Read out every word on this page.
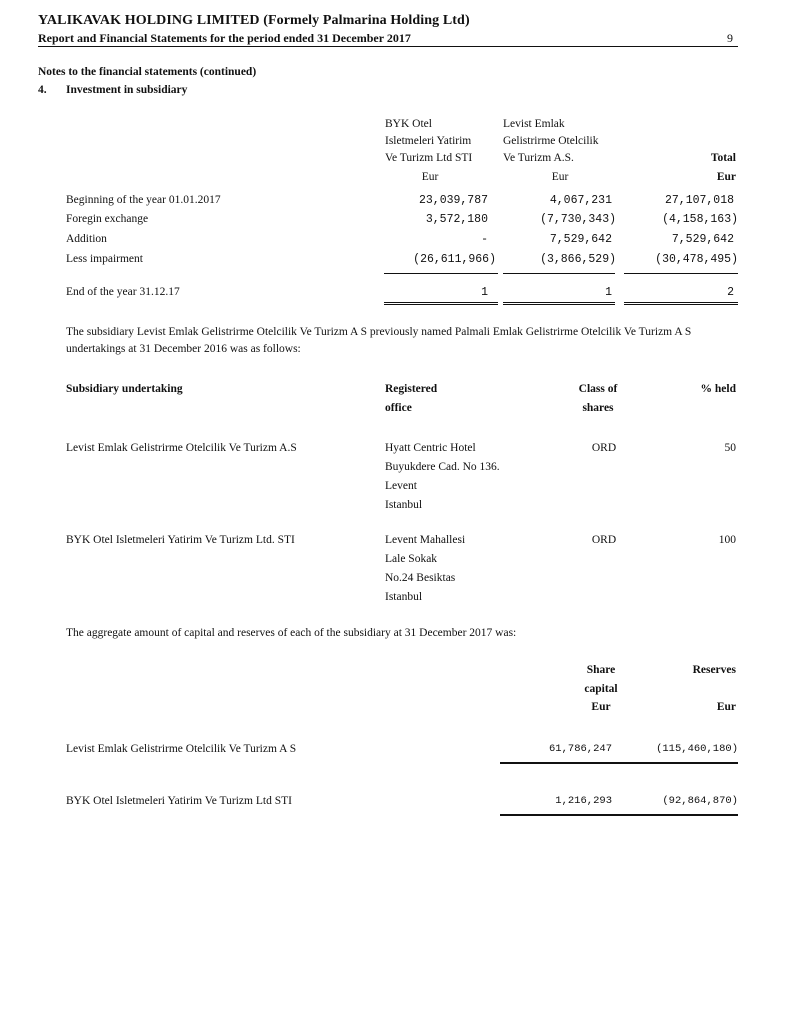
YALIKAVAK HOLDING LIMITED (Formely Palmarina Holding Ltd)
Report and Financial Statements for the period ended 31 December 2017	9
Notes to the financial statements (continued)
4. Investment in subsidiary
BYK Otel
Isletmeleri Yatirim
Ve Turizm Ltd STI
Levist Emlak
Gelistrirme Otelcilik
Ve Turizm A.S.	Total
Eur	Eur	Eur
Beginning of the year 01.01.2017	23,039,787	4,067,231	27,107,018
Foregin exchange	3,572,180	(7,730,343)	(4,158,163)
Addition	-	7,529,642	7,529,642
Less impairment	(26,611,966)	(3,866,529)	(30,478,495)
End of the year 31.12.17	1	1	2
The subsidiary Levist Emlak Gelistrirme Otelcilik Ve Turizm A S previously named Palmali Emlak Gelistrirme Otelcilik Ve Turizm A S undertakings at 31 December 2016 was as follows:
Subsidiary undertaking	Registered
office
Class of
shares
% held
Levist Emlak Gelistrirme Otelcilik Ve Turizm A.S	Hyatt Centric Hotel
Buyukdere Cad. No 136.
Levent
Istanbul
ORD	50
BYK Otel Isletmeleri Yatirim Ve Turizm Ltd. STI	Levent Mahallesi
Lale Sokak
No.24 Besiktas
Istanbul
ORD	100
The aggregate amount of capital and reserves of each of the subsidiary at 31 December 2017 was:
Share
capital
Eur
Reserves
Eur
Levist Emlak Gelistrirme Otelcilik Ve Turizm A S	61,786,247	(115,460,180)
BYK Otel Isletmeleri Yatirim Ve Turizm Ltd STI	1,216,293	(92,864,870)
